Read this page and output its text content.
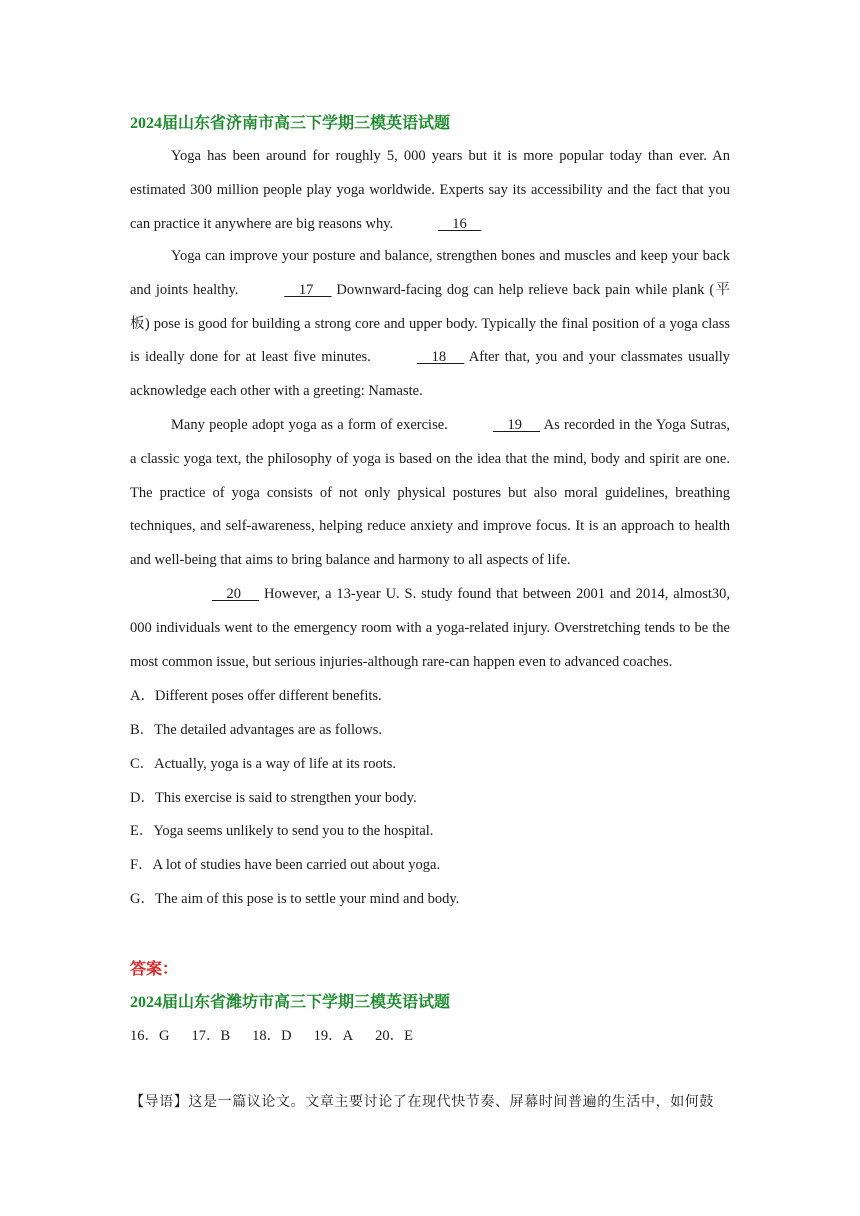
2024届山东省济南市高三下学期三模英语试题

Yoga has been around for roughly 5, 000 years but it is more popular today than ever. An estimated 300 million people play yoga worldwide. Experts say its accessibility and the fact that you can practice it anywhere are big reasons why.	16

Yoga can improve your posture and balance, strengthen bones and muscles and keep your back and joints healthy.	17      Downward-facing dog can help relieve back pain while plank (平板) pose is good for building a strong core and upper body. Typically the final position of a yoga class is ideally done for at least five minutes.	18      After that, you and your classmates usually acknowledge each other with a greeting: Namaste.

Many people adopt yoga as a form of exercise.	19      As recorded in the Yoga Sutras, a classic yoga text, the philosophy of yoga is based on the idea that the mind, body and spirit are one. The practice of yoga consists of not only physical postures but also moral guidelines, breathing techniques, and self-awareness, helping reduce anxiety and improve focus. It is an approach to health and well-being that aims to bring balance and harmony to all aspects of life.

20      However, a 13-year U. S. study found that between 2001 and 2014, almost30, 000 individuals went to the emergency room with a yoga-related injury. Overstretching tends to be the most common issue, but serious injuries-although rare-can happen even to advanced coaches.

A．Different poses offer different benefits.
B．The detailed advantages are as follows.
C．Actually, yoga is a way of life at its roots.
D．This exercise is said to strengthen your body.
E．Yoga seems unlikely to send you to the hospital.
F．A lot of studies have been carried out about yoga.
G．The aim of this pose is to settle your mind and body.
答案：
2024届山东省潍坊市高三下学期三模英语试题
16．G 17．B 18．D 19．A 20．E
【导语】这是一篇议论文。文章主要讨论了在现代快节奏、屏幕时间普遍的生活中，如何鼓
